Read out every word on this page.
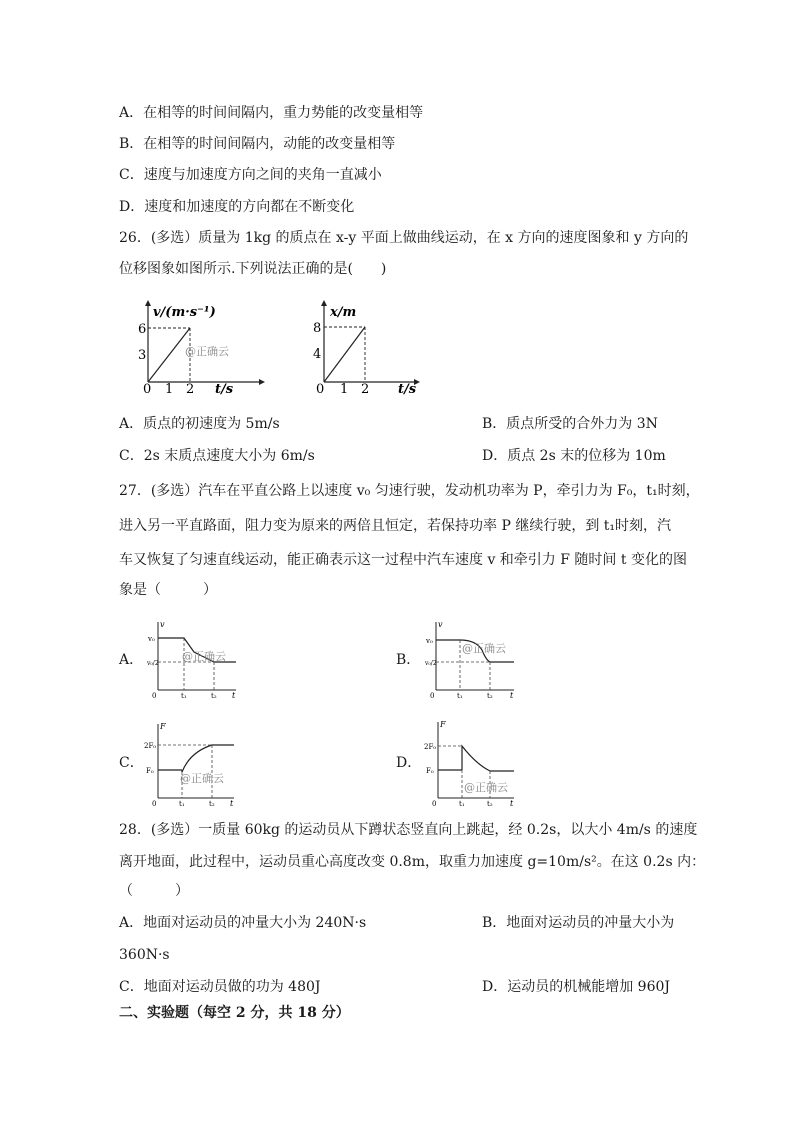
A．在相等的时间间隔内，重力势能的改变量相等
B．在相等的时间间隔内，动能的改变量相等
C．速度与加速度方向之间的夹角一直减小
D．速度和加速度的方向都在不断变化
26．(多选）质量为 1kg 的质点在 x-y 平面上做曲线运动，在 x 方向的速度图象和 y 方向的
位移图象如图所示.下列说法正确的是(　　)
v/(m·s⁻¹)
6
3
0 1 2 t/s
@正确云
x/m
8
4
0 1 2 t/s
A．质点的初速度为 5m/s	B．质点所受的合外力为 3N
C．2s 末质点速度大小为 6m/s	D．质点 2s 末的位移为 10m
27．(多选）汽车在平直公路上以速度 v₀ 匀速行驶，发动机功率为 P，牵引力为 F₀，t₁时刻，
进入另一平直路面，阻力变为原来的两倍且恒定，若保持功率 P 继续行驶，到 t₁时刻，汽
车又恢复了匀速直线运动，能正确表示这一过程中汽车速度 v 和牵引力 F 随时间 t 变化的图
象是（　　　）
A．
v
v₀
v₀/2
0	t₁	t₂ t
@正确云	B．
v
v₀
v₀/2
0	t₁	t₂ t
@正确云
C．
F
2F₀
F₀
0	t₁	t₂ t
@正确云
D．
F
2F₀
F₀
0	t₁	t₂ t
@正确云
28．(多选）一质量 60kg 的运动员从下蹲状态竖直向上跳起，经 0.2s，以大小 4m/s 的速度
离开地面，此过程中，运动员重心高度改变 0.8m，取重力加速度 g=10m/s²。在这 0.2s 内：
（　　　）
A．地面对运动员的冲量大小为 240N·s	B．地面对运动员的冲量大小为
360N·s
C．地面对运动员做的功为 480J	D．运动员的机械能增加 960J
二、实验题（每空 2 分，共 18 分）
